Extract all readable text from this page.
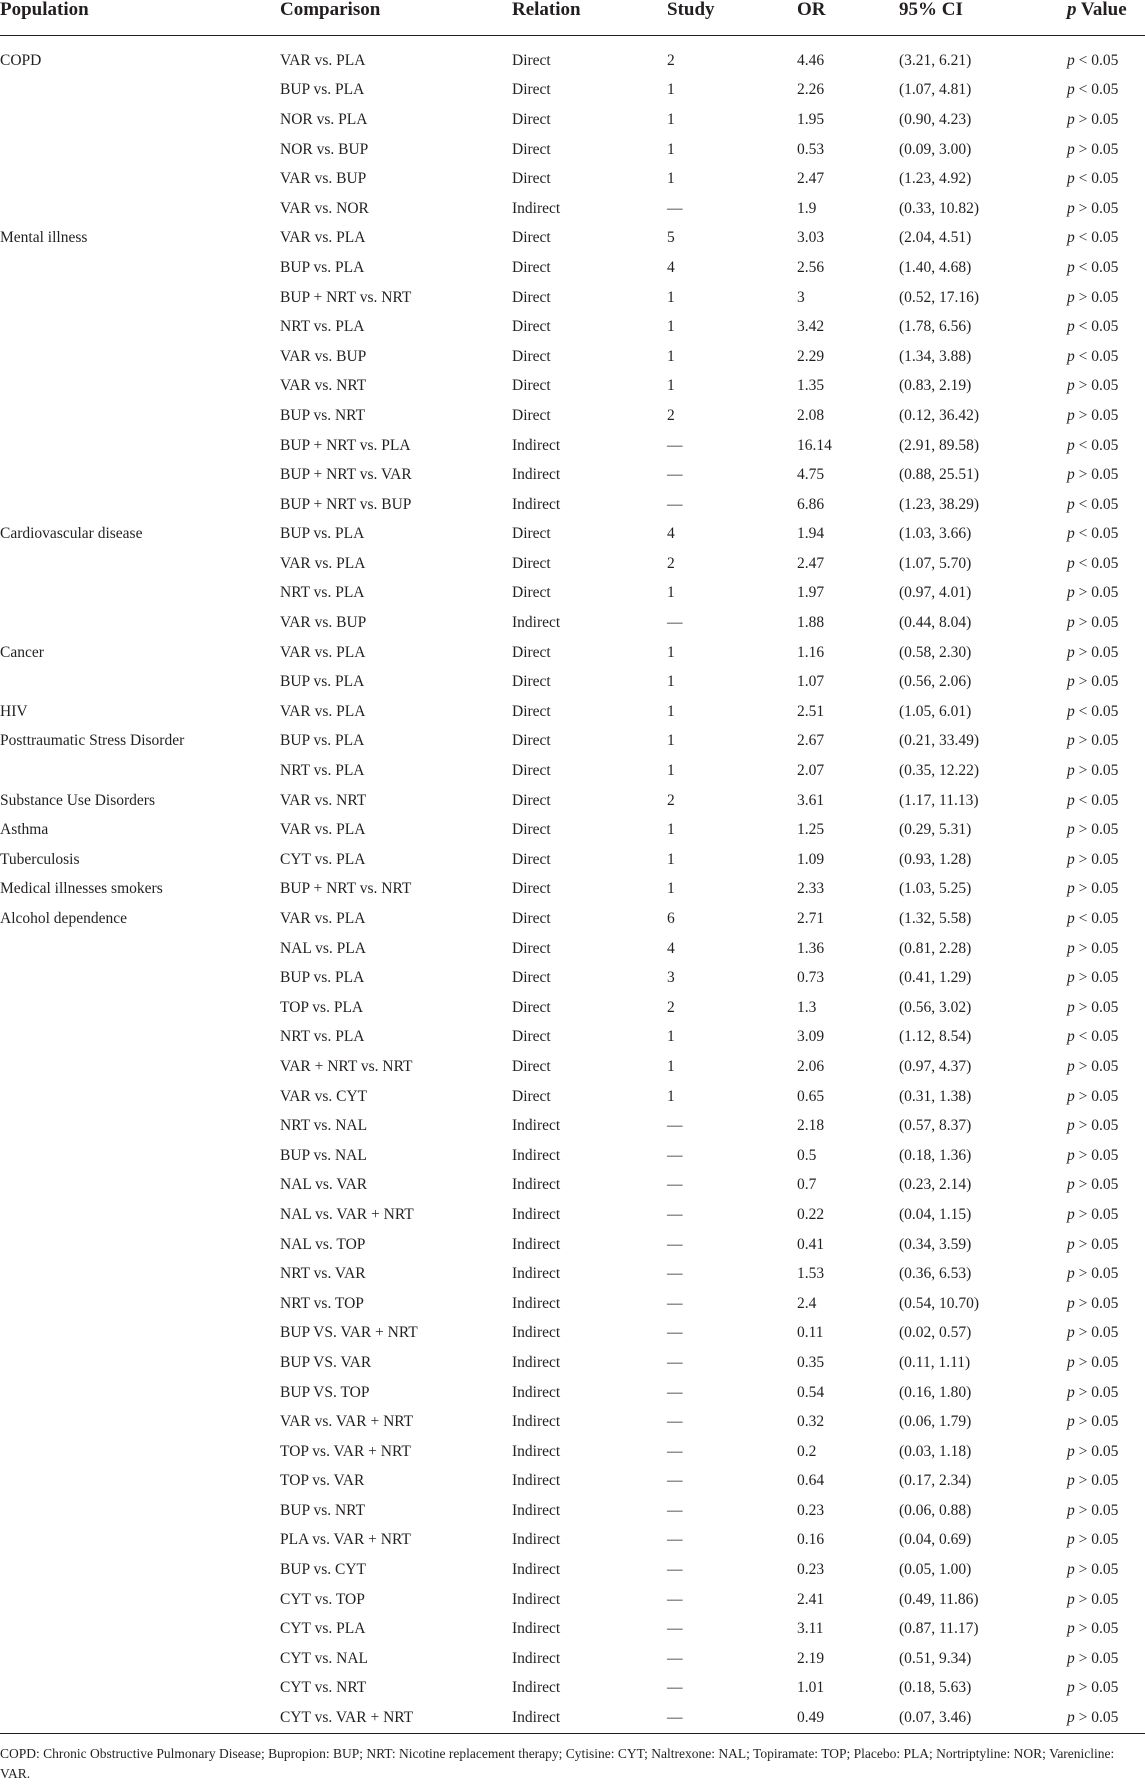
Population	Comparison	Relation	Study	OR	95% CI	p Value
COPD	VAR vs. PLA	Direct	2	4.46	(3.21, 6.21)	p < 0.05
	BUP vs. PLA	Direct	1	2.26	(1.07, 4.81)	p < 0.05
	NOR vs. PLA	Direct	1	1.95	(0.90, 4.23)	p > 0.05
	NOR vs. BUP	Direct	1	0.53	(0.09, 3.00)	p > 0.05
	VAR vs. BUP	Direct	1	2.47	(1.23, 4.92)	p < 0.05
	VAR vs. NOR	Indirect	—	1.9	(0.33, 10.82)	p > 0.05
Mental illness	VAR vs. PLA	Direct	5	3.03	(2.04, 4.51)	p < 0.05
	BUP vs. PLA	Direct	4	2.56	(1.40, 4.68)	p < 0.05
	BUP + NRT vs. NRT	Direct	1	3	(0.52, 17.16)	p > 0.05
	NRT vs. PLA	Direct	1	3.42	(1.78, 6.56)	p < 0.05
	VAR vs. BUP	Direct	1	2.29	(1.34, 3.88)	p < 0.05
	VAR vs. NRT	Direct	1	1.35	(0.83, 2.19)	p > 0.05
	BUP vs. NRT	Direct	2	2.08	(0.12, 36.42)	p > 0.05
	BUP + NRT vs. PLA	Indirect	—	16.14	(2.91, 89.58)	p < 0.05
	BUP + NRT vs. VAR	Indirect	—	4.75	(0.88, 25.51)	p > 0.05
	BUP + NRT vs. BUP	Indirect	—	6.86	(1.23, 38.29)	p < 0.05
Cardiovascular disease	BUP vs. PLA	Direct	4	1.94	(1.03, 3.66)	p < 0.05
	VAR vs. PLA	Direct	2	2.47	(1.07, 5.70)	p < 0.05
	NRT vs. PLA	Direct	1	1.97	(0.97, 4.01)	p > 0.05
	VAR vs. BUP	Indirect	—	1.88	(0.44, 8.04)	p > 0.05
Cancer	VAR vs. PLA	Direct	1	1.16	(0.58, 2.30)	p > 0.05
	BUP vs. PLA	Direct	1	1.07	(0.56, 2.06)	p > 0.05
HIV	VAR vs. PLA	Direct	1	2.51	(1.05, 6.01)	p < 0.05
Posttraumatic Stress Disorder	BUP vs. PLA	Direct	1	2.67	(0.21, 33.49)	p > 0.05
	NRT vs. PLA	Direct	1	2.07	(0.35, 12.22)	p > 0.05
Substance Use Disorders	VAR vs. NRT	Direct	2	3.61	(1.17, 11.13)	p < 0.05
Asthma	VAR vs. PLA	Direct	1	1.25	(0.29, 5.31)	p > 0.05
Tuberculosis	CYT vs. PLA	Direct	1	1.09	(0.93, 1.28)	p > 0.05
Medical illnesses smokers	BUP + NRT vs. NRT	Direct	1	2.33	(1.03, 5.25)	p > 0.05
Alcohol dependence	VAR vs. PLA	Direct	6	2.71	(1.32, 5.58)	p < 0.05
	NAL vs. PLA	Direct	4	1.36	(0.81, 2.28)	p > 0.05
	BUP vs. PLA	Direct	3	0.73	(0.41, 1.29)	p > 0.05
	TOP vs. PLA	Direct	2	1.3	(0.56, 3.02)	p > 0.05
	NRT vs. PLA	Direct	1	3.09	(1.12, 8.54)	p < 0.05
	VAR + NRT vs. NRT	Direct	1	2.06	(0.97, 4.37)	p > 0.05
	VAR vs. CYT	Direct	1	0.65	(0.31, 1.38)	p > 0.05
	NRT vs. NAL	Indirect	—	2.18	(0.57, 8.37)	p > 0.05
	BUP vs. NAL	Indirect	—	0.5	(0.18, 1.36)	p > 0.05
	NAL vs. VAR	Indirect	—	0.7	(0.23, 2.14)	p > 0.05
	NAL vs. VAR + NRT	Indirect	—	0.22	(0.04, 1.15)	p > 0.05
	NAL vs. TOP	Indirect	—	0.41	(0.34, 3.59)	p > 0.05
	NRT vs. VAR	Indirect	—	1.53	(0.36, 6.53)	p > 0.05
	NRT vs. TOP	Indirect	—	2.4	(0.54, 10.70)	p > 0.05
	BUP VS. VAR + NRT	Indirect	—	0.11	(0.02, 0.57)	p > 0.05
	BUP VS. VAR	Indirect	—	0.35	(0.11, 1.11)	p > 0.05
	BUP VS. TOP	Indirect	—	0.54	(0.16, 1.80)	p > 0.05
	VAR vs. VAR + NRT	Indirect	—	0.32	(0.06, 1.79)	p > 0.05
	TOP vs. VAR + NRT	Indirect	—	0.2	(0.03, 1.18)	p > 0.05
	TOP vs. VAR	Indirect	—	0.64	(0.17, 2.34)	p > 0.05
	BUP vs. NRT	Indirect	—	0.23	(0.06, 0.88)	p > 0.05
	PLA vs. VAR + NRT	Indirect	—	0.16	(0.04, 0.69)	p > 0.05
	BUP vs. CYT	Indirect	—	0.23	(0.05, 1.00)	p > 0.05
	CYT vs. TOP	Indirect	—	2.41	(0.49, 11.86)	p > 0.05
	CYT vs. PLA	Indirect	—	3.11	(0.87, 11.17)	p > 0.05
	CYT vs. NAL	Indirect	—	2.19	(0.51, 9.34)	p > 0.05
	CYT vs. NRT	Indirect	—	1.01	(0.18, 5.63)	p > 0.05
	CYT vs. VAR + NRT	Indirect	—	0.49	(0.07, 3.46)	p > 0.05
COPD: Chronic Obstructive Pulmonary Disease; Bupropion: BUP; NRT: Nicotine replacement therapy; Cytisine: CYT; Naltrexone: NAL; Topiramate: TOP; Placebo: PLA; Nortriptyline: NOR; Varenicline: VAR.
